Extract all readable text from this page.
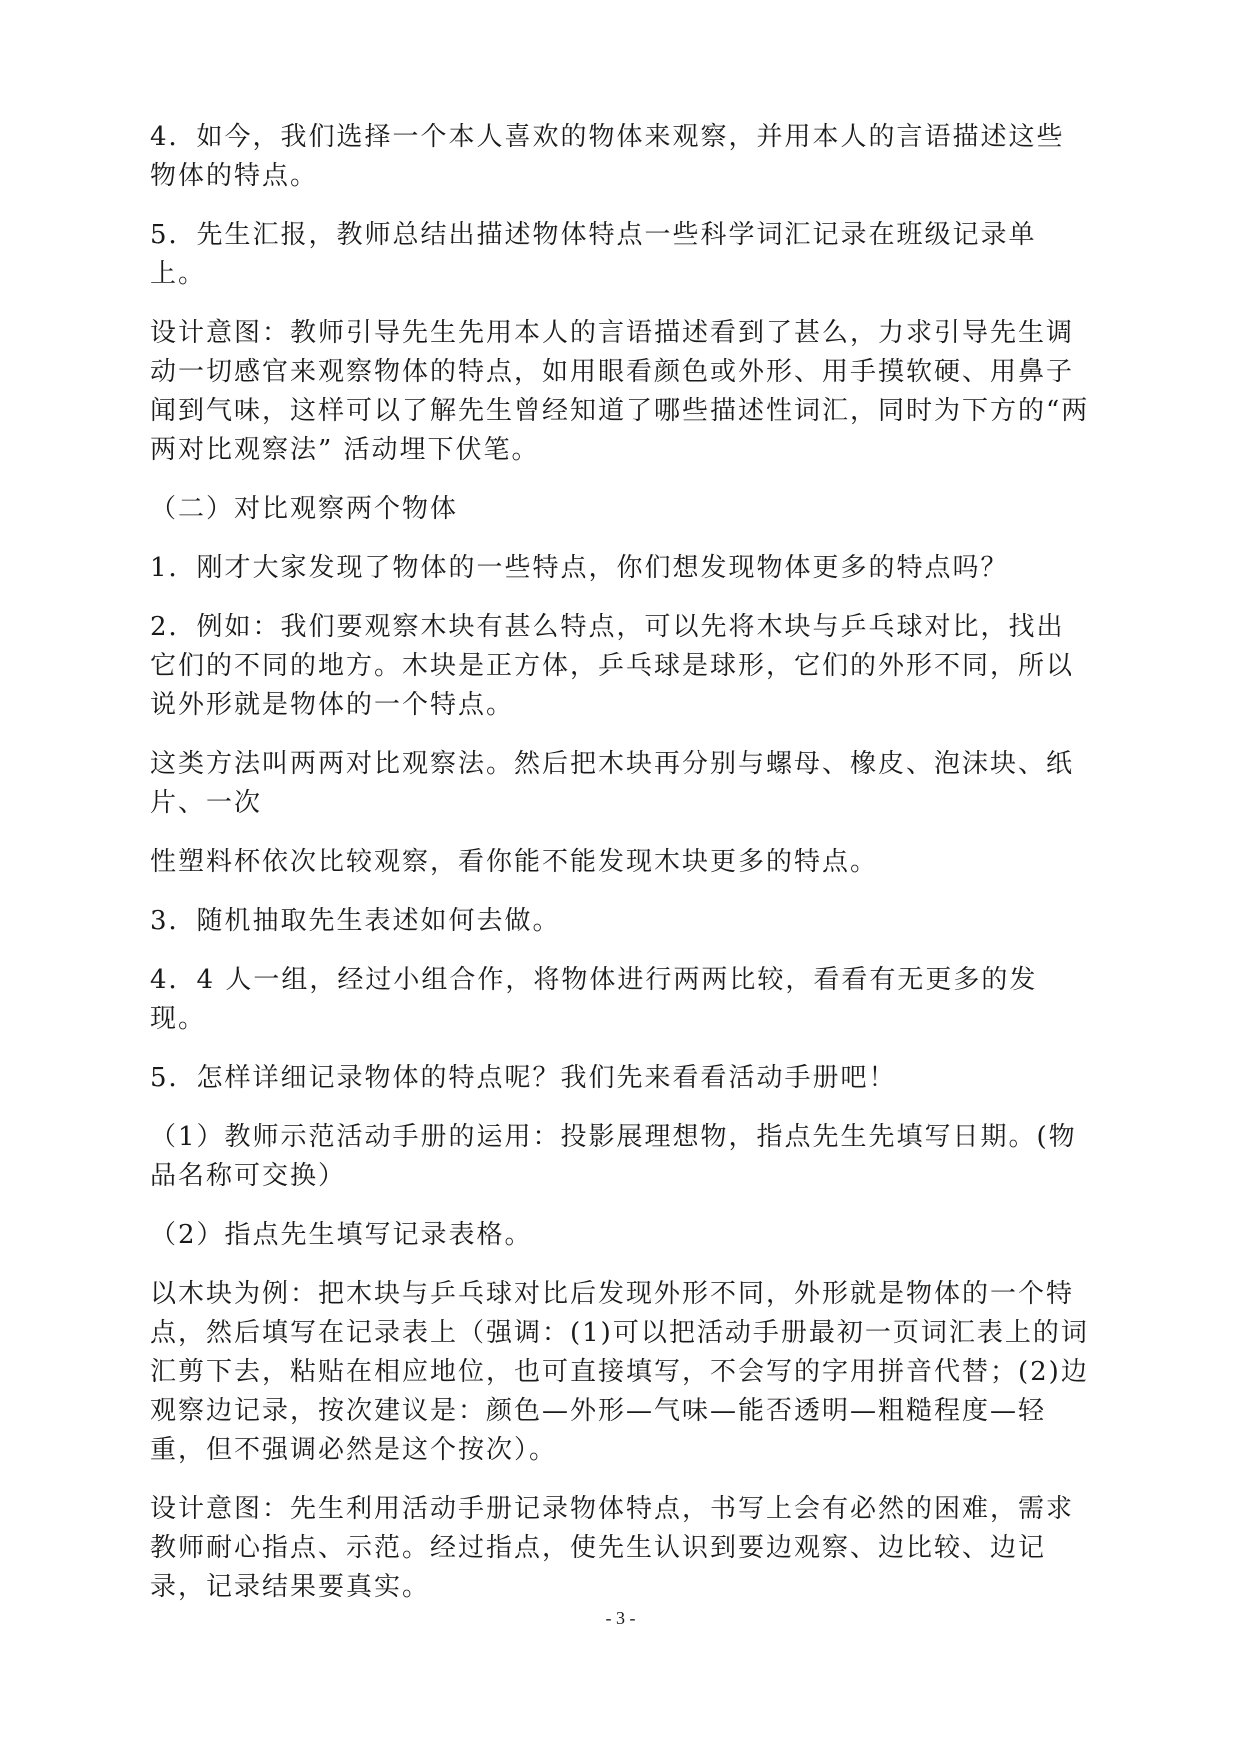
4．如今，我们选择一个本人喜欢的物体来观察，并用本人的言语描述这些物体的特点。

5．先生汇报，教师总结出描述物体特点一些科学词汇记录在班级记录单上。

设计意图：教师引导先生先用本人的言语描述看到了甚么，力求引导先生调动一切感官来观察物体的特点，如用眼看颜色或外形、用手摸软硬、用鼻子闻到气味，这样可以了解先生曾经知道了哪些描述性词汇，同时为下方的“两两对比观察法” 活动埋下伏笔。

（二）对比观察两个物体

1．刚才大家发现了物体的一些特点，你们想发现物体更多的特点吗？

2．例如：我们要观察木块有甚么特点，可以先将木块与乒乓球对比，找出它们的不同的地方。木块是正方体，乒乓球是球形，它们的外形不同，所以说外形就是物体的一个特点。

这类方法叫两两对比观察法。然后把木块再分别与螺母、橡皮、泡沫块、纸片、一次

性塑料杯依次比较观察，看你能不能发现木块更多的特点。

3．随机抽取先生表述如何去做。

4．4 人一组，经过小组合作，将物体进行两两比较，看看有无更多的发现。

5．怎样详细记录物体的特点呢？我们先来看看活动手册吧！

（1）教师示范活动手册的运用：投影展理想物，指点先生先填写日期。(物品名称可交换）

（2）指点先生填写记录表格。

以木块为例：把木块与乒乓球对比后发现外形不同，外形就是物体的一个特点，然后填写在记录表上（强调：(1)可以把活动手册最初一页词汇表上的词汇剪下去，粘贴在相应地位，也可直接填写，不会写的字用拼音代替；(2)边观察边记录，按次建议是：颜色—外形—气味—能否透明—粗糙程度—轻重，但不强调必然是这个按次）。

设计意图：先生利用活动手册记录物体特点，书写上会有必然的困难，需求教师耐心指点、示范。经过指点，使先生认识到要边观察、边比较、边记录，记录结果要真实。

- 3 -
